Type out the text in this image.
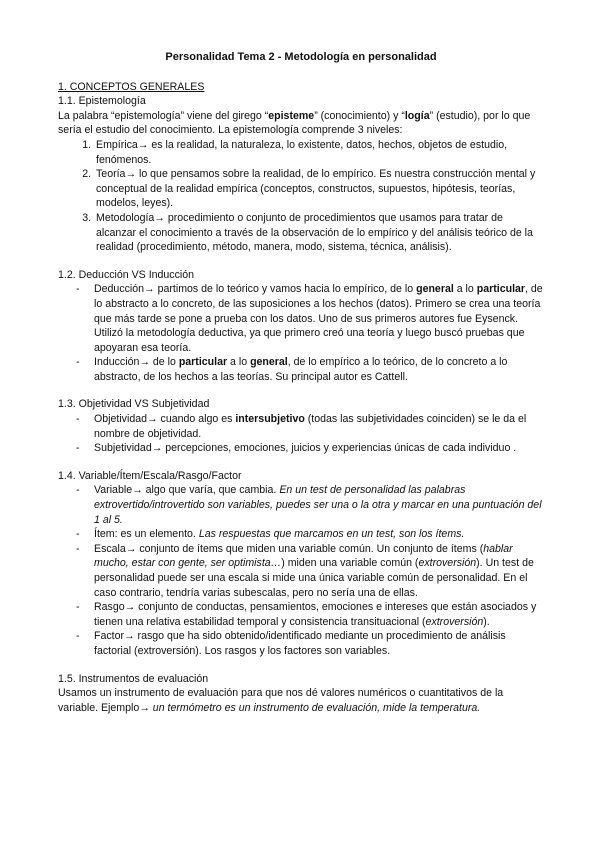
Personalidad Tema 2 - Metodología en personalidad
1. CONCEPTOS GENERALES
1.1. Epistemología

La palabra “epistemología” viene del girego “episteme” (conocimiento) y “logía” (estudio), por lo que sería el estudio del conocimiento. La epistemología comprende 3 niveles:

1. Empírica→ es la realidad, la naturaleza, lo existente, datos, hechos, objetos de estudio, fenómenos.
2. Teoría→ lo que pensamos sobre la realidad, de lo empírico. Es nuestra construcción mental y conceptual de la realidad empírica (conceptos, constructos, supuestos, hipótesis, teorías, modelos, leyes).
3. Metodología→ procedimiento o conjunto de procedimientos que usamos para tratar de alcanzar el conocimiento a través de la observación de lo empírico y del análisis teórico de la realidad (procedimiento, método, manera, modo, sistema, técnica, análisis).
1.2. Deducción VS Inducción
- Deducción→ partimos de lo teórico y vamos hacia lo empírico, de lo general a lo particular, de lo abstracto a lo concreto, de las suposiciones a los hechos (datos). Primero se crea una teoría que más tarde se pone a prueba con los datos. Uno de sus primeros autores fue Eysenck. Utilizó la metodología deductiva, ya que primero creó una teoría y luego buscó pruebas que apoyaran esa teoría.
- Inducción→ de lo particular a lo general, de lo empírico a lo teórico, de lo concreto a lo abstracto, de los hechos a las teorías. Su principal autor es Cattell.
1.3. Objetividad VS Subjetividad
- Objetividad→ cuando algo es intersubjetivo (todas las subjetividades coinciden) se le da el nombre de objetividad.
- Subjetividad→ percepciones, emociones, juicios y experiencias únicas de cada individuo .
1.4. Variable/Ítem/Escala/Rasgo/Factor
- Variable→ algo que varía, que cambia. En un test de personalidad las palabras extrovertido/introvertido son variables, puedes ser una o la otra y marcar en una puntuación del 1 al 5.
- Ítem: es un elemento. Las respuestas que marcamos en un test, son los ítems.
- Escala→ conjunto de ítems que miden una variable común. Un conjunto de ítems (hablar mucho, estar con gente, ser optimista…) miden una variable común (extroversión). Un test de personalidad puede ser una escala si mide una única variable común de personalidad. En el caso contrario, tendría varias subescalas, pero no sería una de ellas.
- Rasgo→ conjunto de conductas, pensamientos, emociones e intereses que están asociados y tienen una relativa estabilidad temporal y consistencia transituacional (extroversión).
- Factor→ rasgo que ha sido obtenido/identificado mediante un procedimiento de análisis factorial (extroversión). Los rasgos y los factores son variables.
1.5. Instrumentos de evaluación

Usamos un instrumento de evaluación para que nos dé valores numéricos o cuantitativos de la variable. Ejemplo→ un termómetro es un instrumento de evaluación, mide la temperatura.
